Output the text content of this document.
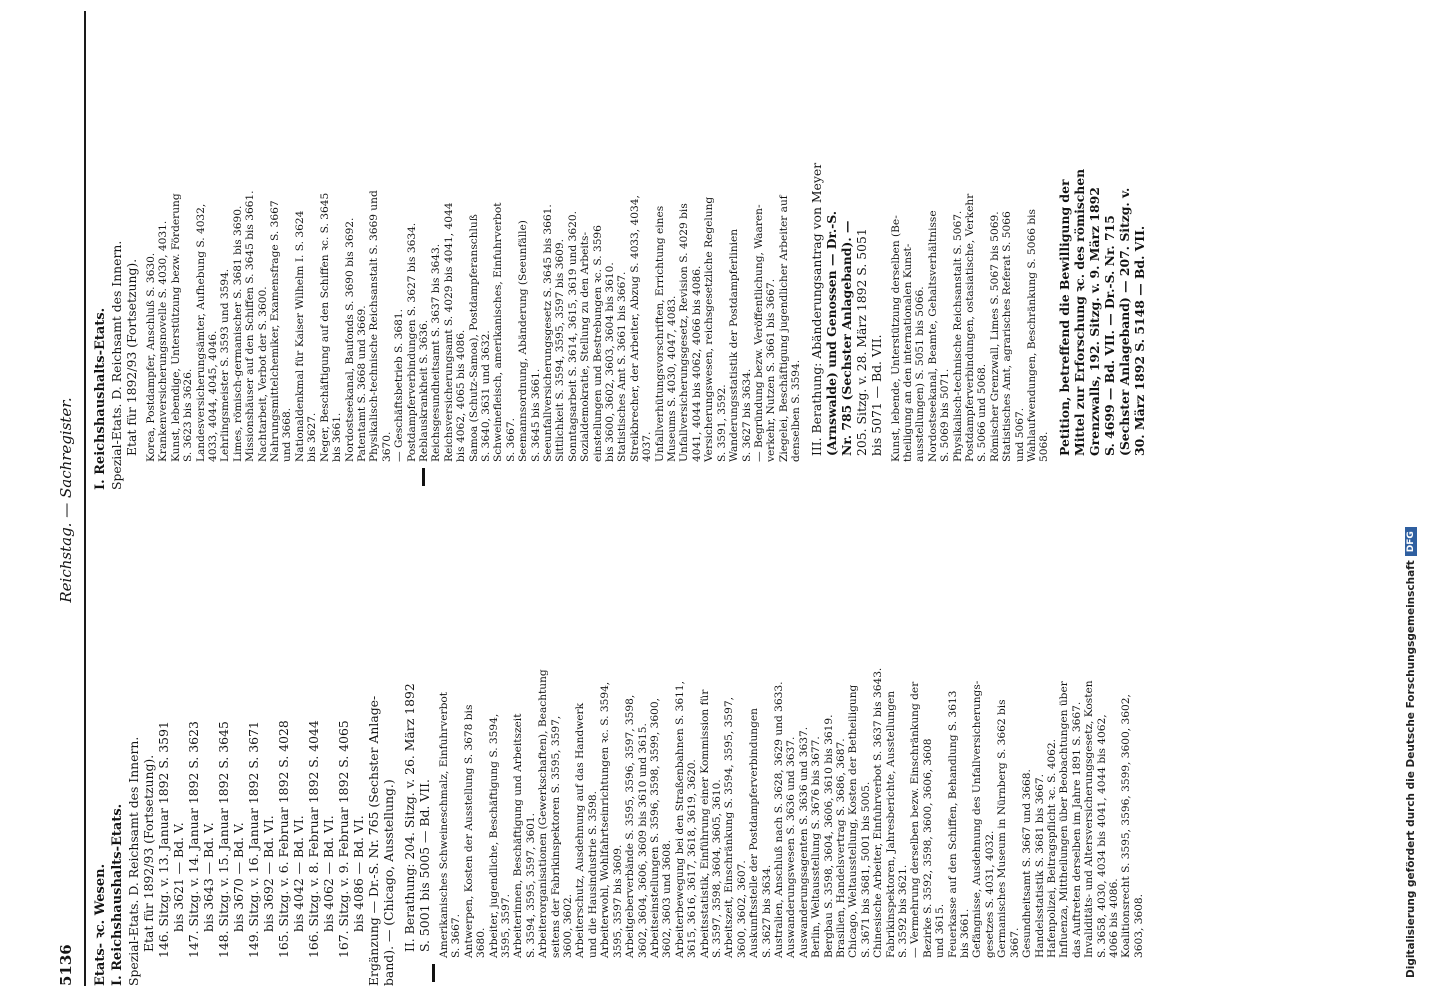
5136
Reichstag. — Sachregister.
Etats- ꝛc. Wesen. I. Reichshaushalts-Etats. Spezial-Etats. D. Reichsamt des Innern. Etat für 1892/93 (Fortsetzung). 146. Sitzg. v. 13. Januar 1892 S. 3591 bis 3621 — Bd. V. 147. Sitzg. v. 14. Januar 1892 S. 3623 bis 3643 — Bd. V. 148. Sitzg. v. 15. Januar 1892 S. 3645 bis 3670 — Bd. V. 149. Sitzg. v. 16. Januar 1892 S. 3671 bis 3692 — Bd. VI. 165. Sitzg. v. 6. Februar 1892 S. 4028 bis 4042 — Bd. VI. 166. Sitzg. v. 8. Februar 1892 S. 4044 bis 4062 — Bd. VI. 167. Sitzg. v. 9. Februar 1892 S. 4065 bis 4086 — Bd. VI. Ergänzung — Dr.-S. Nr. 765 (Sechster Anlage- band). — (Chicago, Ausstellung.) II. Berathung: 204. Sitzg. v. 26. März 1892 S. 5001 bis 5005 — Bd. VII. Amerikanisches Schweineschmalz, Einfuhrverbot S. 3667. Antwerpen, Kosten der Ausstellung S. 3678 bis 3680. Arbeiter, jugendliche, Beschäftigung S. 3594, 3595, 3597. Arbeiterinnen, Beschäftigung und Arbeitszeit S. 3594, 3595, 3597, 3601. Arbeiterorganisationen (Gewerkschaften), Beachtung seitens der Fabrikinspektoren S. 3595, 3597, 3600, 3602. Arbeiterschutz, Ausdehnung auf das Handwerk und die Hausindustrie S. 3598. Arbeiterwohl, Wohlfahrtseinrichtungen ꝛc. S. 3594, 3595, 3597 bis 3609. Arbeitgeberverbände S. 3595, 3596, 3597, 3598, 3602, 3604, 3606, 3609 bis 3610 und 3615. Arbeitseinstellungen S. 3596, 3598, 3599, 3600, 3602, 3603 und 3608. Arbeiterbewegung bei den Straßenbahnen S. 3611, 3615, 3616, 3617, 3618, 3619, 3620. Arbeitsstatistik, Einführung einer Kommission für S. 3597, 3598, 3604, 3605, 3610. Arbeitszeit, Einschränkung S. 3594, 3595, 3597, 3600, 3602, 3607. Auskunftsstelle der Postdampferverbindungen S. 3627 bis 3634. Australien, Anschluß nach S. 3628, 3629 und 3633. Auswanderungswesen S. 3636 und 3637. Auswanderungsagenten S. 3636 und 3637. Berlin, Weltausstellung S. 3676 bis 3677. Bergbau S. 3598, 3604, 3606, 3610 bis 3619. Brasilien, Handelsvertrag S. 3686, 3687. Chicago, Weltausstellung, Kosten der Betheiligung S. 3671 bis 3681, 5001 bis 5005. Chinesische Arbeiter, Einfuhrverbot S. 3637 bis 3643. Fabrikinspektoren, Jahresberichte, Ausstellungen S. 3592 bis 3621. — Vermehrung derselben bezw. Einschränkung der Bezirke S. 3592, 3598, 3600, 3606, 3608 und 3615. Feuerkasse auf den Schiffen, Behandlung S. 3613 bis 3661. Gefängnisse, Ausdehnung des Unfallversicherungs- gesetzes S. 4031, 4032. Germanisches Museum in Nürnberg S. 3662 bis 3667. Gesundheitsamt S. 3667 und 3668. Handelsstatistik S. 3681 bis 3667. Hafenpolizei, Beitragspflicht ꝛc. S. 4062. Influenza, Mittheilungen über Beobachtungen über das Auftreten derselben im Jahre 1891 S. 3667. Invaliditäts- und Altersversicherungsgesetz, Kosten S. 3658, 4030, 4034 bis 4041, 4044 bis 4062, 4066 bis 4086. Koalitionsrecht S. 3595, 3596, 3599, 3600, 3602, 3603, 3608.
I. Reichshaushalts-Etats. Spezial-Etats. D. Reichsamt des Innern. Etat für 1892/93 (Fortsetzung). Korea, Postdampfer, Anschluß S. 3630. Krankenversicherungsnovelle S. 4030, 4031. Kunst, lebendige, Unterstützung bezw. Förderung S. 3623 bis 3626. Landesversicherungsämter, Aufhebung S. 4032, 4033, 4044, 4045, 4046. Lehrlingsmeister S. 3593 und 3594. Limes, römisch-germanischer S. 3681 bis 3690. Missionshäuser auf den Schiffen S. 3645 bis 3661. Nachtarbeit, Verbot der S. 3600. Nahrungsmittelchemiker, Examensfrage S. 3667 und 3668. Nationaldenkmal für Kaiser Wilhelm I. S. 3624 bis 3627. Neger, Beschäftigung auf den Schiffen ꝛc. S. 3645 bis 3661. Nordostseekanal, Baufonds S. 3690 bis 3692. Patentamt S. 3668 und 3669. Physikalisch-technische Reichsanstalt S. 3669 und 3670. — Geschäftsbetrieb S. 3681. Postdampferverbindungen S. 3627 bis 3634. Reblauskrankheit S. 3636. Reichsgesundheitsamt S. 3637 bis 3643. Reichsversicherungsamt S. 4029 bis 4041, 4044 bis 4062, 4065 bis 4086. Samoa (Schutz-Samoa), Postdampferanschluß S. 3640, 3631 und 3632. Schweinefleisch, amerikanisches, Einfuhrverbot S. 3667. Seemannsordnung, Abänderung (Seeunfälle) S. 3645 bis 3661. Seeunfallversicherungsgesetz S. 3645 bis 3661. Sittlichkeit S. 3594, 3595, 3597 bis 3609. Sonntagsarbeit S. 3614, 3615, 3619 und 3620. Sozialdemokratie, Stellung zu den Arbeits- einstellungen und Bestrebungen ꝛc. S. 3596 bis 3600, 3602, 3603, 3604 bis 3610. Statistisches Amt S. 3661 bis 3667. Streikbrecher, der Arbeiter, Abzug S. 4033, 4034, 4037. Unfallverhütungsvorschriften, Errichtung eines Museums S. 4030, 4047, 4083. Unfallversicherungsgesetz, Revision S. 4029 bis 4041, 4044 bis 4062, 4066 bis 4086. Versicherungswesen, reichsgesetzliche Regelung S. 3591, 3592. Wanderungsstatistik der Postdampferlinien S. 3627 bis 3634. — Begründung bezw. Veröffentlichung, Waaren- verkehr, Nutzen S. 3661 bis 3667. Ziegelei, Beschäftigung jugendlicher Arbeiter auf denselben S. 3594. III. Berathung: Abänderungsantrag von Meyer (Arnswalde) und Genossen — Dr.-S. Nr. 785 (Sechster Anlageband). — 205. Sitzg. v. 28. März 1892 S. 5051 bis 5071 — Bd. VII. Kunst, lebende, Unterstützung derselben (Be- theiligung an den internationalen Kunst- ausstellungen) S. 5051 bis 5066. Nordostseekanal, Beamte, Gehaltsverhältnisse S. 5069 bis 5071. Physikalisch-technische Reichsanstalt S. 5067. Postdampferverbindungen, ostasiatische, Verkehr S. 5066 und 5068. Römischer Grenzwall, Limes S. 5067 bis 5069. Statistisches Amt, agrarisches Referat S. 5066 und 5067. Wahlaufwendungen, Beschränkung S. 5066 bis 5068. Petition, betreffend die Bewilligung der Mittel zur Erforschung ꝛc. des römischen Grenzwalls, 192. Sitzg. v. 9. März 1892 S. 4699 — Bd. VII. — Dr.-S. Nr. 715 (Sechster Anlageband) — 207. Sitzg. v. 30. März 1892 S. 5148 — Bd. VII.
Digitalisierung gefördert durch die Deutsche ForschungsgemeinschaftDFG
